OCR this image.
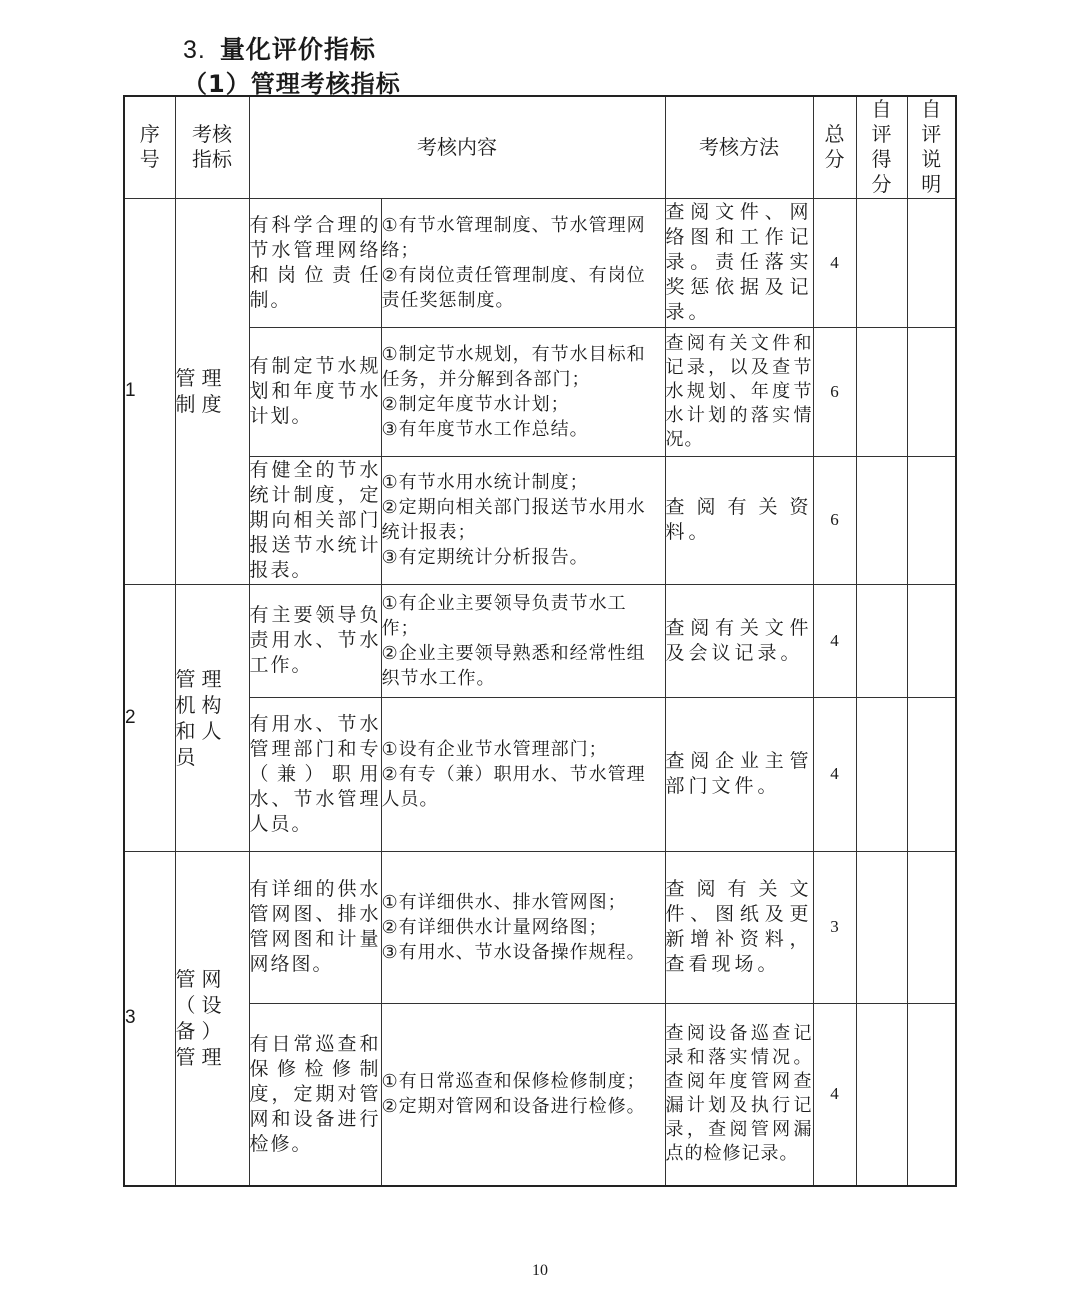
3. 量化评价指标
（1）管理考核指标
序号	考核指标	考核内容		考核方法	总分	自评得分	自评说明
1	管理制度	有科学合理的节水管理网络和岗位责任制。	①有节水管理制度、节水管理网络；
②有岗位责任管理制度、有岗位责任奖惩制度。	查阅文件、网络图和工作记录。责任落实奖惩依据及记录。	4		
		有制定节水规划和年度节水计划。	①制定节水规划，有节水目标和任务，并分解到各部门；
②制定年度节水计划；
③有年度节水工作总结。	查阅有关文件和记录，以及查节水规划、年度节水计划的落实情况。	6		
		有健全的节水统计制度，定期向相关部门报送节水统计报表。	①有节水用水统计制度；
②定期向相关部门报送节水用水统计报表；
③有定期统计分析报告。	查阅有关资料。	6		
2	管理机构和人员	有主要领导负责用水、节水工作。	①有企业主要领导负责节水工作；
②企业主要领导熟悉和经常性组织节水工作。	查阅有关文件及会议记录。	4		
		有用水、节水管理部门和专（兼）职用水、节水管理人员。	①设有企业节水管理部门；
②有专（兼）职用水、节水管理人员。	查阅企业主管部门文件。	4		
3	管网（设备）管理	有详细的供水管网图、排水管网图和计量网络图。	①有详细供水、排水管网图；
②有详细供水计量网络图；
③有用水、节水设备操作规程。	查阅有关文件、图纸及更新增补资料，查看现场。	3		
		有日常巡查和保修检修制度，定期对管网和设备进行检修。	①有日常巡查和保修检修制度；
②定期对管网和设备进行检修。	查阅设备巡查记录和落实情况。查阅年度管网查漏计划及执行记录，查阅管网漏点的检修记录。	4		
10
